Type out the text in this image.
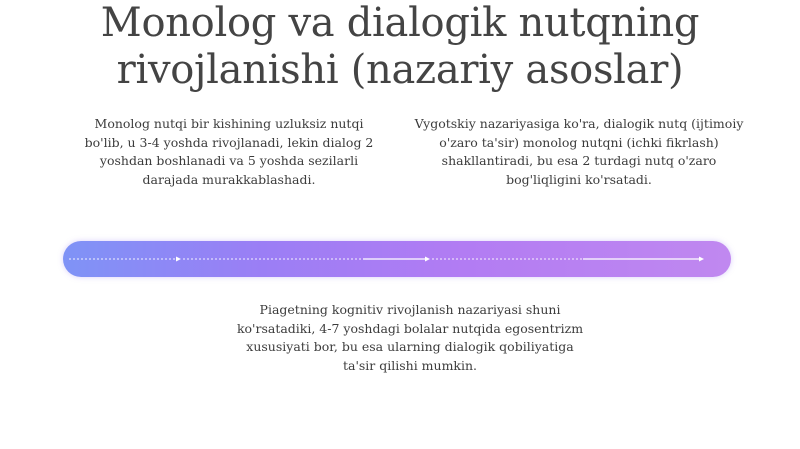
Monolog va dialogik nutqning rivojlanishi (nazariy asoslar)
Monolog nutqi bir kishining uzluksiz nutqi bo'lib, u 3-4 yoshda rivojlanadi, lekin dialog 2 yoshdan boshlanadi va 5 yoshda sezilarli darajada murakkablashadi.
Vygotskiy nazariyasiga ko'ra, dialogik nutq (ijtimoiy o'zaro ta'sir) monolog nutqni (ichki fikrlash) shakllantiradi, bu esa 2 turdagi nutq o'zaro bog'liqligini ko'rsatadi.
Piagetning kognitiv rivojlanish nazariyasi shuni ko'rsatadiki, 4-7 yoshdagi bolalar nutqida egosentrizm xususiyati bor, bu esa ularning dialogik qobiliyatiga ta'sir qilishi mumkin.
